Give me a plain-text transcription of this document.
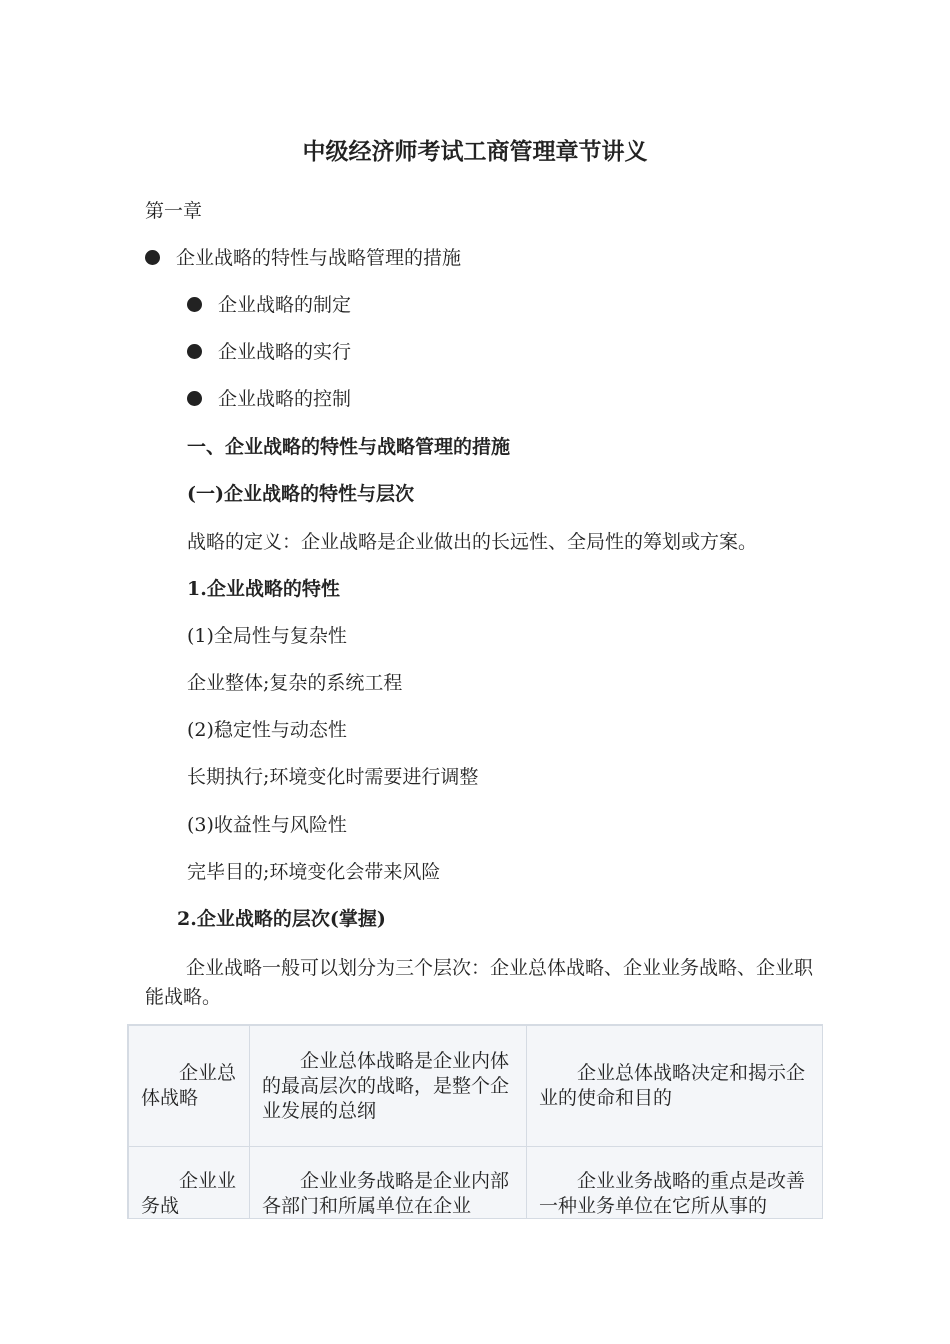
中级经济师考试工商管理章节讲义

第一章

企业战略的特性与战略管理的措施

企业战略的制定

企业战略的实行

企业战略的控制

一、企业战略的特性与战略管理的措施

(一)企业战略的特性与层次

战略的定义：企业战略是企业做出的长远性、全局性的筹划或方案。

1.企业战略的特性

(1)全局性与复杂性

企业整体;复杂的系统工程

(2)稳定性与动态性

长期执行;环境变化时需要进行调整

(3)收益性与风险性

完毕目的;环境变化会带来风险

2.企业战略的层次(掌握)

企业战略一般可以划分为三个层次：企业总体战略、企业业务战略、企业职能战略。

企业总体战略	企业总体战略是企业内体的最高层次的战略，是整个企业发展的总纲	企业总体战略决定和揭示企业的使命和目的
企业业务战	企业业务战略是企业内部各部门和所属单位在企业	企业业务战略的重点是改善一种业务单位在它所从事的
